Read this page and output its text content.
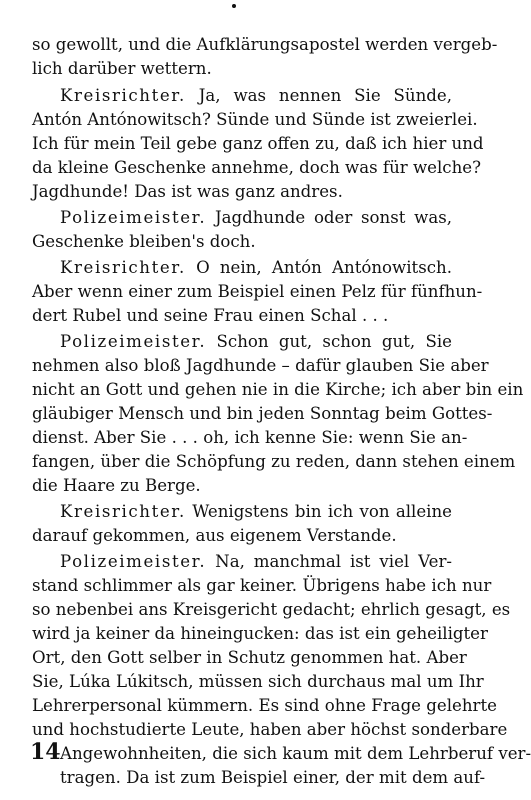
so gewollt, und die Aufklärungsapostel werden vergeb-
lich darüber wettern.
Kreisrichter. Ja, was nennen Sie Sünde,
Antón Antónowitsch? Sünde und Sünde ist zweierlei.
Ich für mein Teil gebe ganz offen zu, daß ich hier und
da kleine Geschenke annehme, doch was für welche?
Jagdhunde! Das ist was ganz andres.
Polizeimeister. Jagdhunde oder sonst was,
Geschenke bleiben's doch.
Kreisrichter. O nein, Antón Antónowitsch.
Aber wenn einer zum Beispiel einen Pelz für fünfhun-
dert Rubel und seine Frau einen Schal . . .
Polizeimeister. Schon gut, schon gut, Sie
nehmen also bloß Jagdhunde – dafür glauben Sie aber
nicht an Gott und gehen nie in die Kirche; ich aber bin ein
gläubiger Mensch und bin jeden Sonntag beim Gottes-
dienst. Aber Sie . . . oh, ich kenne Sie: wenn Sie an-
fangen, über die Schöpfung zu reden, dann stehen einem
die Haare zu Berge.
Kreisrichter. Wenigstens bin ich von alleine
darauf gekommen, aus eigenem Verstande.
Polizeimeister. Na, manchmal ist viel Ver-
stand schlimmer als gar keiner. Übrigens habe ich nur
so nebenbei ans Kreisgericht gedacht; ehrlich gesagt, es
wird ja keiner da hineingucken: das ist ein geheiligter
Ort, den Gott selber in Schutz genommen hat. Aber
Sie, Lúka Lúkitsch, müssen sich durchaus mal um Ihr
Lehrerpersonal kümmern. Es sind ohne Frage gelehrte
und hochstudierte Leute, haben aber höchst sonderbare
Angewohnheiten, die sich kaum mit dem Lehrberuf ver-
tragen. Da ist zum Beispiel einer, der mit dem auf-
14
